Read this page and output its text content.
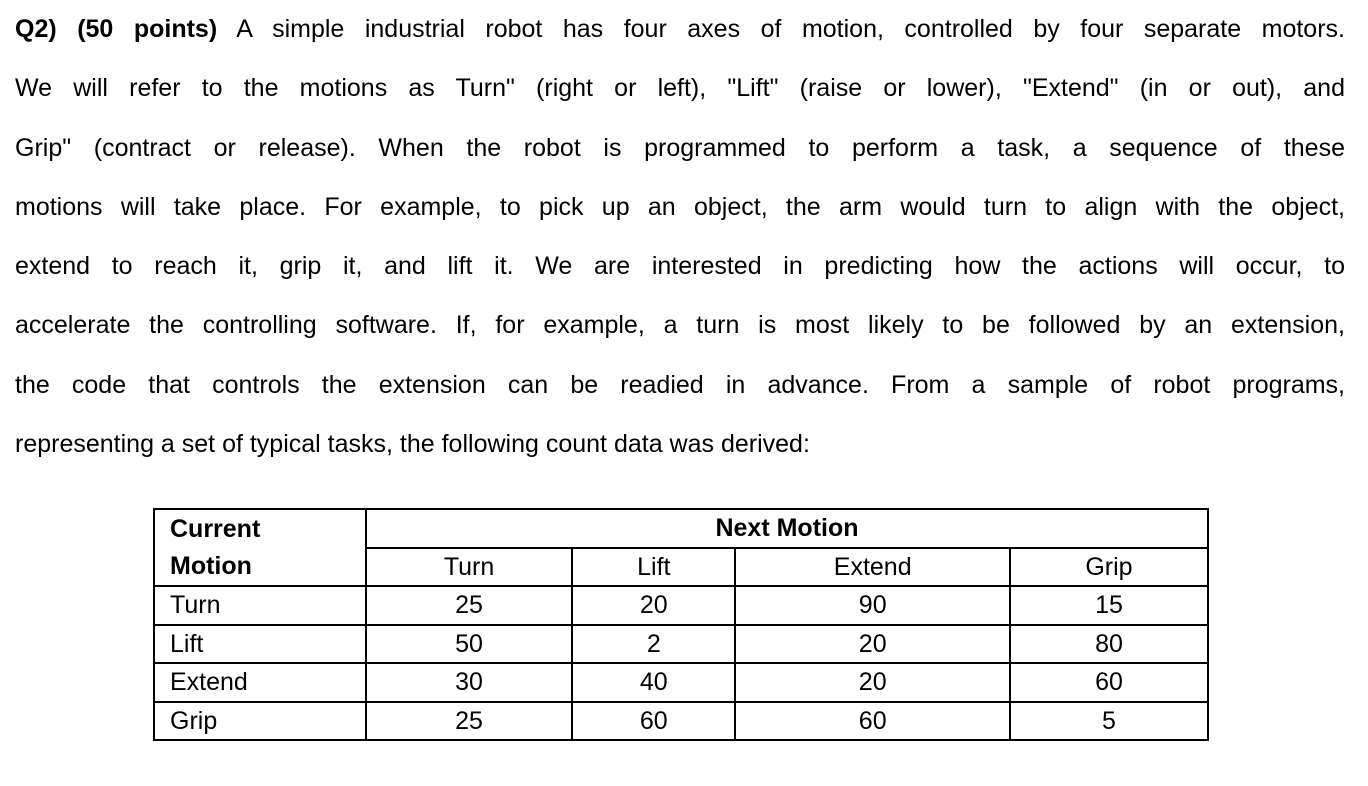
Q2) (50 points) A simple industrial robot has four axes of motion, controlled by four separate motors.
We will refer to the motions as Turn" (right or left), "Lift" (raise or lower), "Extend" (in or out), and
Grip" (contract or release). When the robot is programmed to perform a task, a sequence of these
motions will take place. For example, to pick up an object, the arm would turn to align with the object,
extend to reach it, grip it, and lift it. We are interested in predicting how the actions will occur, to
accelerate the controlling software. If, for example, a turn is most likely to be followed by an extension,
the code that controls the extension can be readied in advance. From a sample of robot programs,
representing a set of typical tasks, the following count data was derived:
Current	Next Motion			
Motion	Turn	Lift	Extend	Grip
Turn	25	20	90	15
Lift	50	2	20	80
Extend	30	40	20	60
Grip	25	60	60	5
